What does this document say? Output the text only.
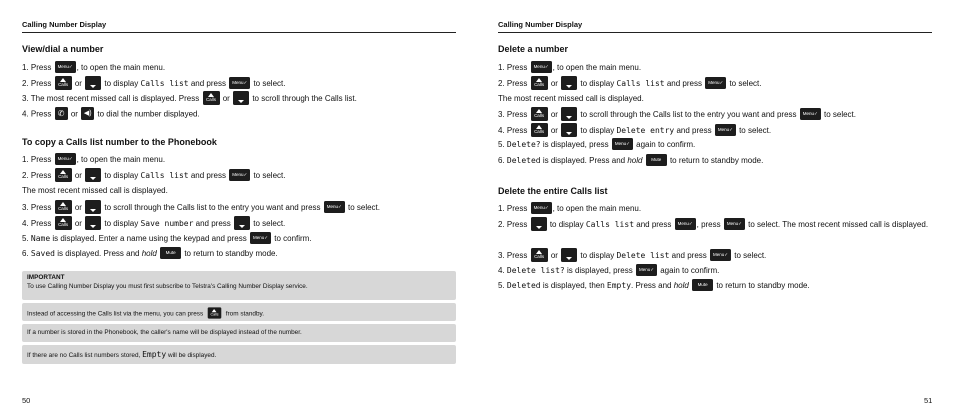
Calling Number Display
View/dial a number
1. Press Menu✓ , to open the main menu.
2. Press Calls or	to display Calls list and press Menu✓ to select.
3. The most recent missed call is displayed. Press Calls or	to scroll through the Calls list.
4. Press ✆ or ◀) to dial the number displayed.
To copy a Calls list number to the Phonebook
1. Press Menu✓ , to open the main menu.
2. Press Calls or	to display Calls list and press Menu✓ to select.
The most recent missed call is displayed.
3. Press Calls or	to scroll through the Calls list to the entry you want and press Menu✓ to select.
4. Press Calls or	to display Save number and press	to select.
5. Name is displayed. Enter a name using the keypad and press Menu✓ to confirm.
6. Saved is displayed. Press and hold Mute to return to standby mode.
IMPORTANT
To use Calling Number Display you must first subscribe to Telstra's Calling Number Display service.
Instead of accessing the Calls list via the menu, you can press Calls from standby.
If a number is stored in the Phonebook, the caller's name will be displayed instead of the number.
If there are no Calls list numbers stored, Empty will be displayed.
50
Calling Number Display
Delete a number
1. Press Menu✓ , to open the main menu.
2. Press Calls or	to display Calls list and press Menu✓ to select.
The most recent missed call is displayed.
3. Press Calls or	to scroll through the Calls list to the entry you want and press Menu✓ to select.
4. Press Calls or	to display Delete entry and press Menu✓ to select.
5. Delete? is displayed, press Menu✓ again to confirm.
6. Deleted is displayed. Press and hold Mute to return to standby mode.
Delete the entire Calls list
1. Press Menu✓ , to open the main menu.
2. Press	to display Calls list and press Menu✓ , press Menu✓ to select. The most recent missed call is displayed.
3. Press Calls or	to display Delete list and press Menu✓ to select.
4. Delete list? is displayed, press Menu✓ again to confirm.
5. Deleted is displayed, then Empty. Press and hold Mute to return to standby mode.
51
